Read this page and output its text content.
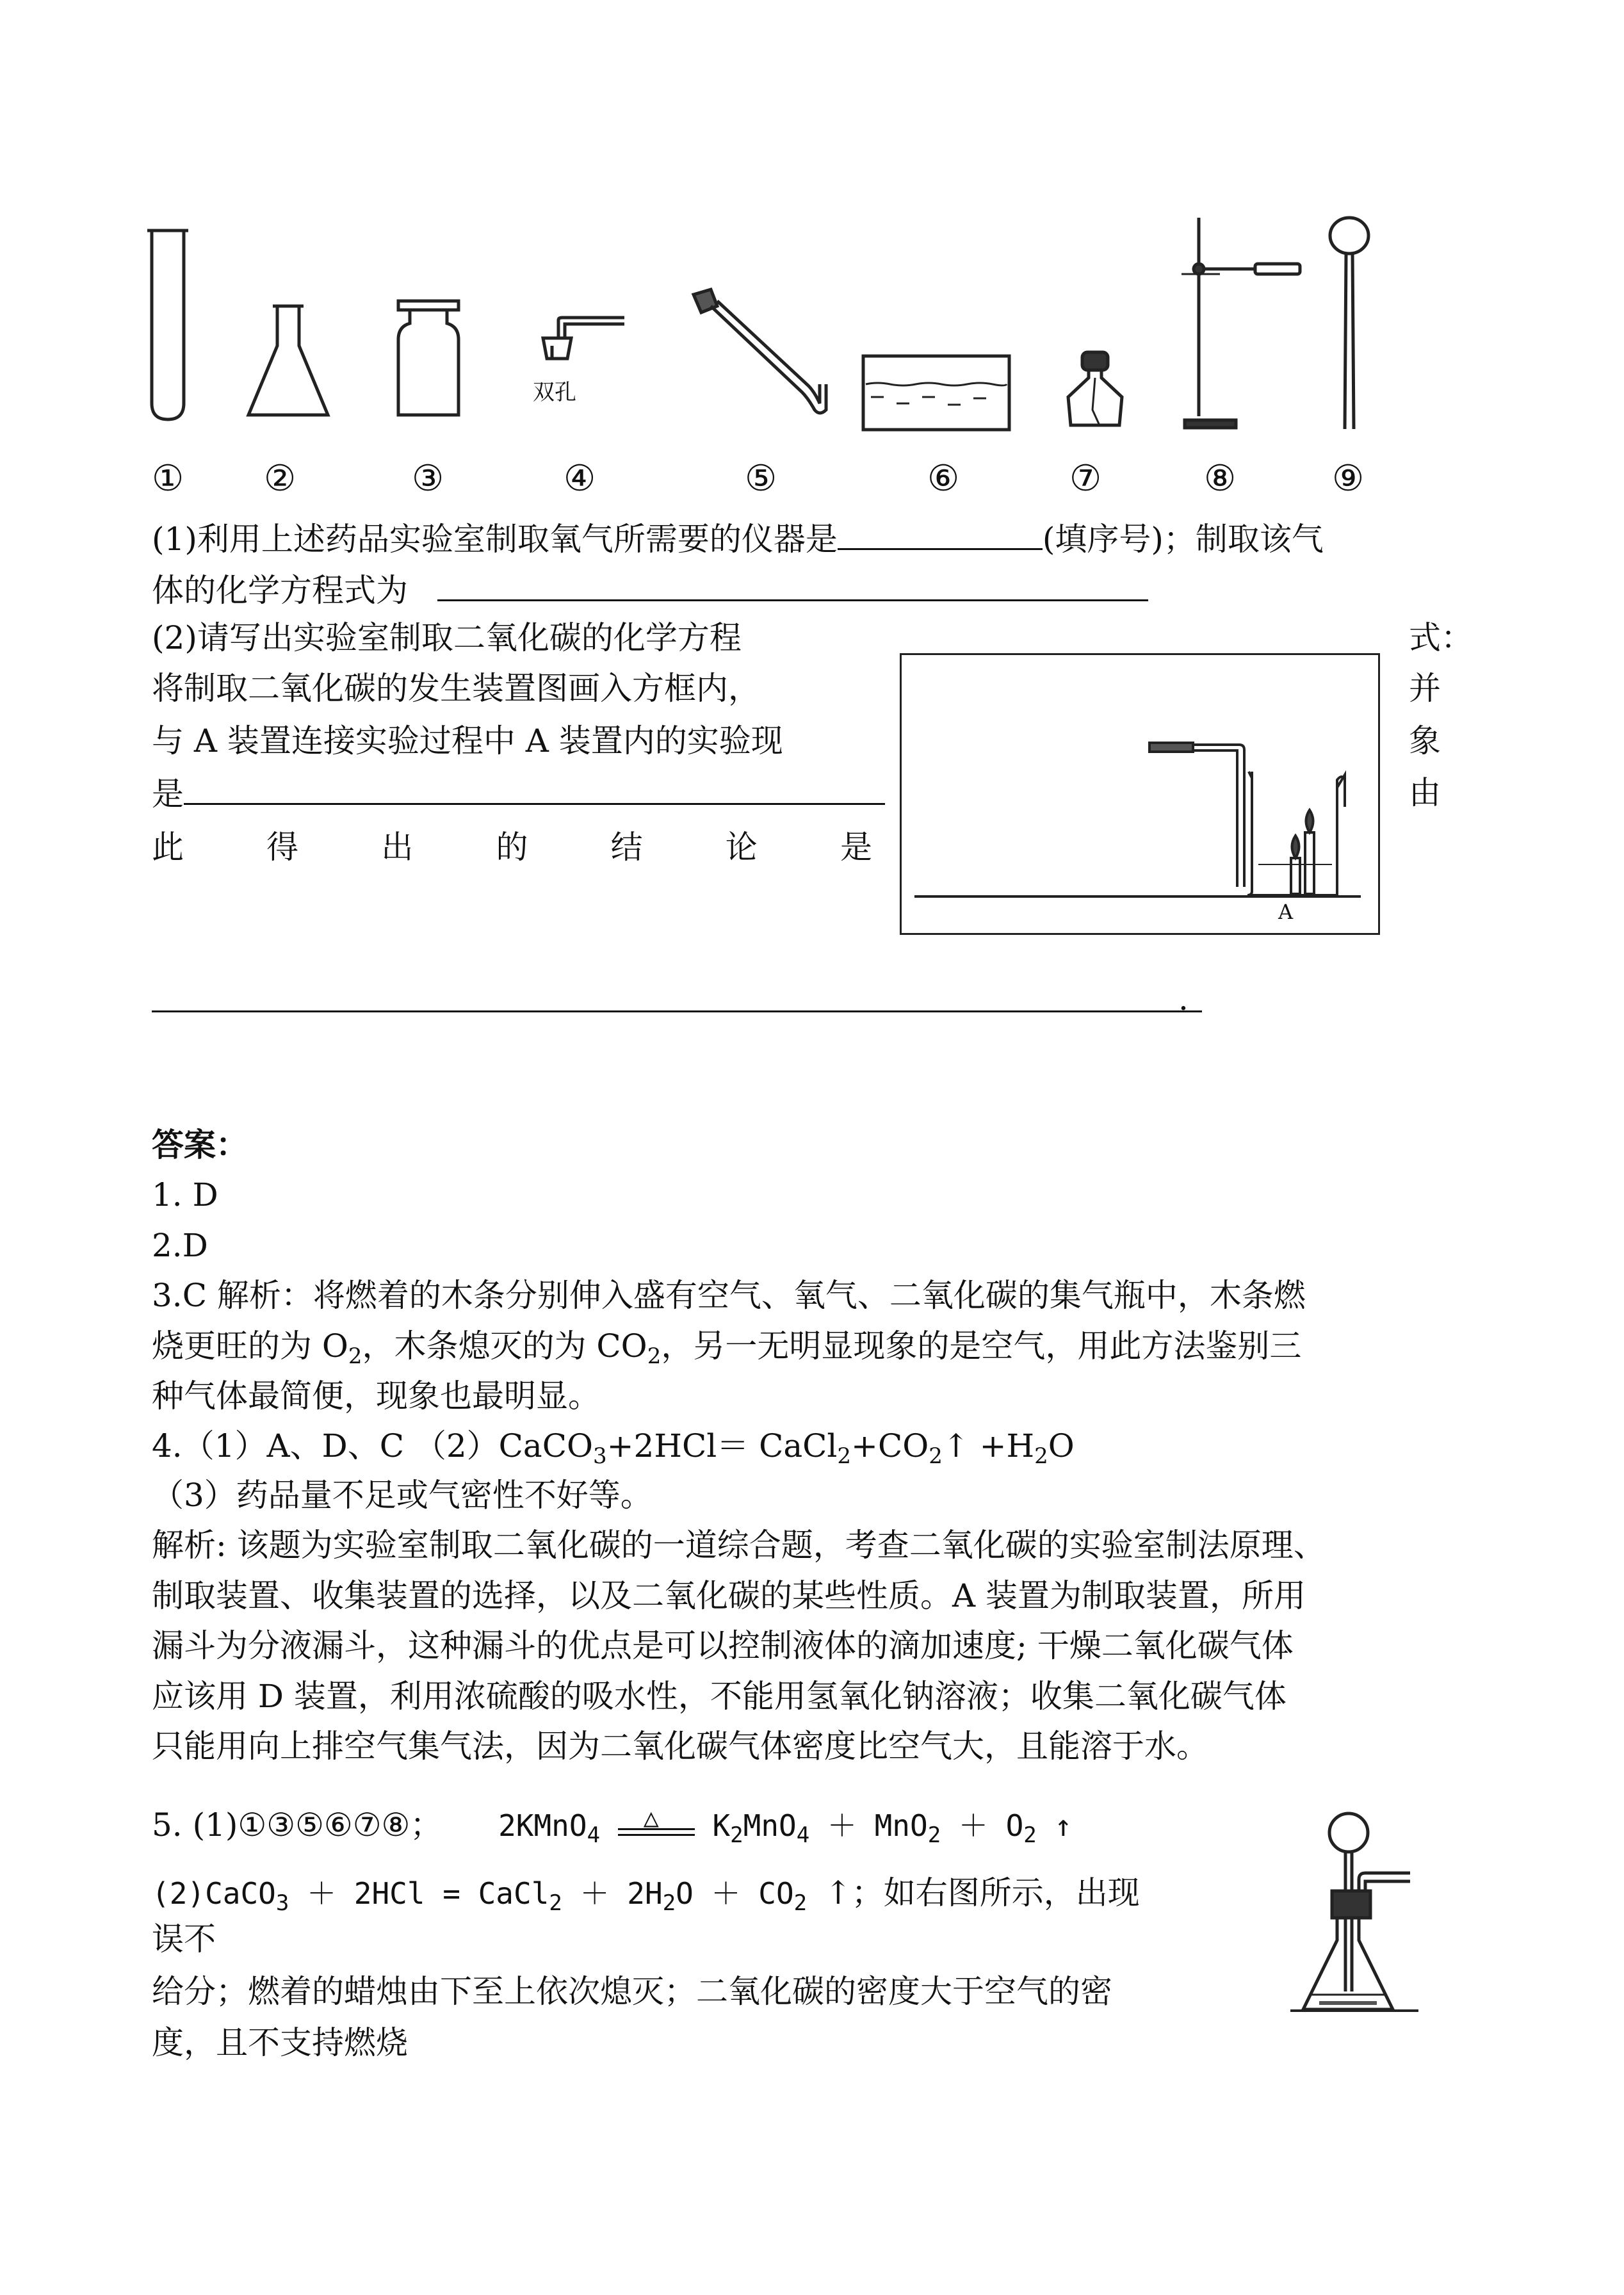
双孔
① ②	③	④	⑤	⑥	⑦	⑧	⑨
(1)利用上述药品实验室制取氧气所需要的仪器是	(填序号)；制取该气
体的化学方程式为
(2)请写出实验室制取二氧化碳的化学方程	式：
将制取二氧化碳的发生装置图画入方框内，	并
与 A 装置连接实验过程中 A 装置内的实验现	象
是	由
此	得	出	的	结	论	是
A
.
答案：
1. D
2.D
3.C 解析：将燃着的木条分别伸入盛有空气、氧气、二氧化碳的集气瓶中，木条燃
烧更旺的为 $O_2$，木条熄灭的为 $CO_2$，另一无明显现象的是空气，用此方法鉴别三
种气体最简便，现象也最明显。
4.（1）A、D、C （2）CaCO$_3$+2HCl＝ $CaCl_2+CO_2↑ +H_2O$
（3）药品量不足或气密性不好等。
解析: 该题为实验室制取二氧化碳的一道综合题，考查二氧化碳的实验室制法原理、
制取装置、收集装置的选择，以及二氧化碳的某些性质。A 装置为制取装置，所用
漏斗为分液漏斗，这种漏斗的优点是可以控制液体的滴加速度; 干燥二氧化碳气体
应该用 D 装置，利用浓硫酸的吸水性，不能用氢氧化钠溶液；收集二氧化碳气体
只能用向上排空气集气法，因为二氧化碳气体密度比空气大，且能溶于水。
5. (1)①③⑤⑥⑦⑧； 2KMnO$_4$
△ $K_2MnO_4 + MnO_2 + O_2$ ↑
(2)CaCO$_3$ ＋ 2HCl = CaCl$_2$ ＋ $2H_2O + CO_2$ ↑；如右图所示，出现
误不
给分；燃着的蜡烛由下至上依次熄灭；二氧化碳的密度大于空气的密
度，且不支持燃烧
